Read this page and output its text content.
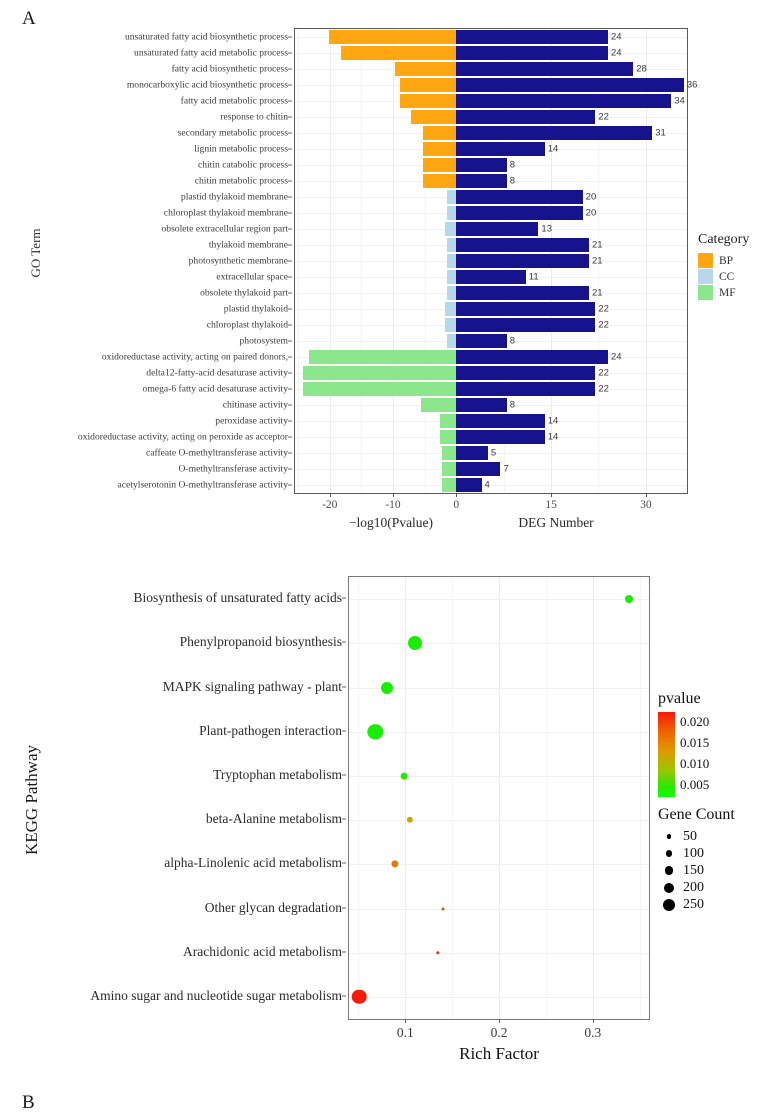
A
GO Term
unsaturated fatty acid biosynthetic process
unsaturated fatty acid metabolic process
fatty acid biosynthetic process
monocarboxylic acid biosynthetic process
fatty acid metabolic process
response to chitin
secondary metabolic process
lignin metabolic process
chitin catabolic process
chitin metabolic process
plastid thylakoid membrane
chloroplast thylakoid membrane
obsolete extracellular region part
thylakoid membrane
photosynthetic membrane
extracellular space
obsolete thylakoid part
plastid thylakoid
chloroplast thylakoid
photosystem
oxidoreductase activity, acting on paired donors,
delta12-fatty-acid desaturase activity
omega-6 fatty acid desaturase activity
chitinase activity
peroxidase activity
oxidoreductase activity, acting on peroxide as acceptor
caffeate O-methyltransferase activity
O-methyltransferase activity
acetylserotonin O-methyltransferase activity
24
24
28
36
34
22
31
14
8
8
20
20
13
21
21
11
21
22
22
8
24
22
22
8
14
14
5
7
4
-20	-10	0	15	30
−log10(Pvalue)	DEG Number
Category
BP
CC
MF
B
KEGG Pathway
Biosynthesis of unsaturated fatty acids
Phenylpropanoid biosynthesis
MAPK signaling pathway - plant
Plant-pathogen interaction
Tryptophan metabolism
beta-Alanine metabolism
alpha-Linolenic acid metabolism
Other glycan degradation
Arachidonic acid metabolism
Amino sugar and nucleotide sugar metabolism
0.1	0.2	0.3
Rich Factor
pvalue
0.020
0.015
0.010
0.005
Gene Count
50
100
150
200
250
